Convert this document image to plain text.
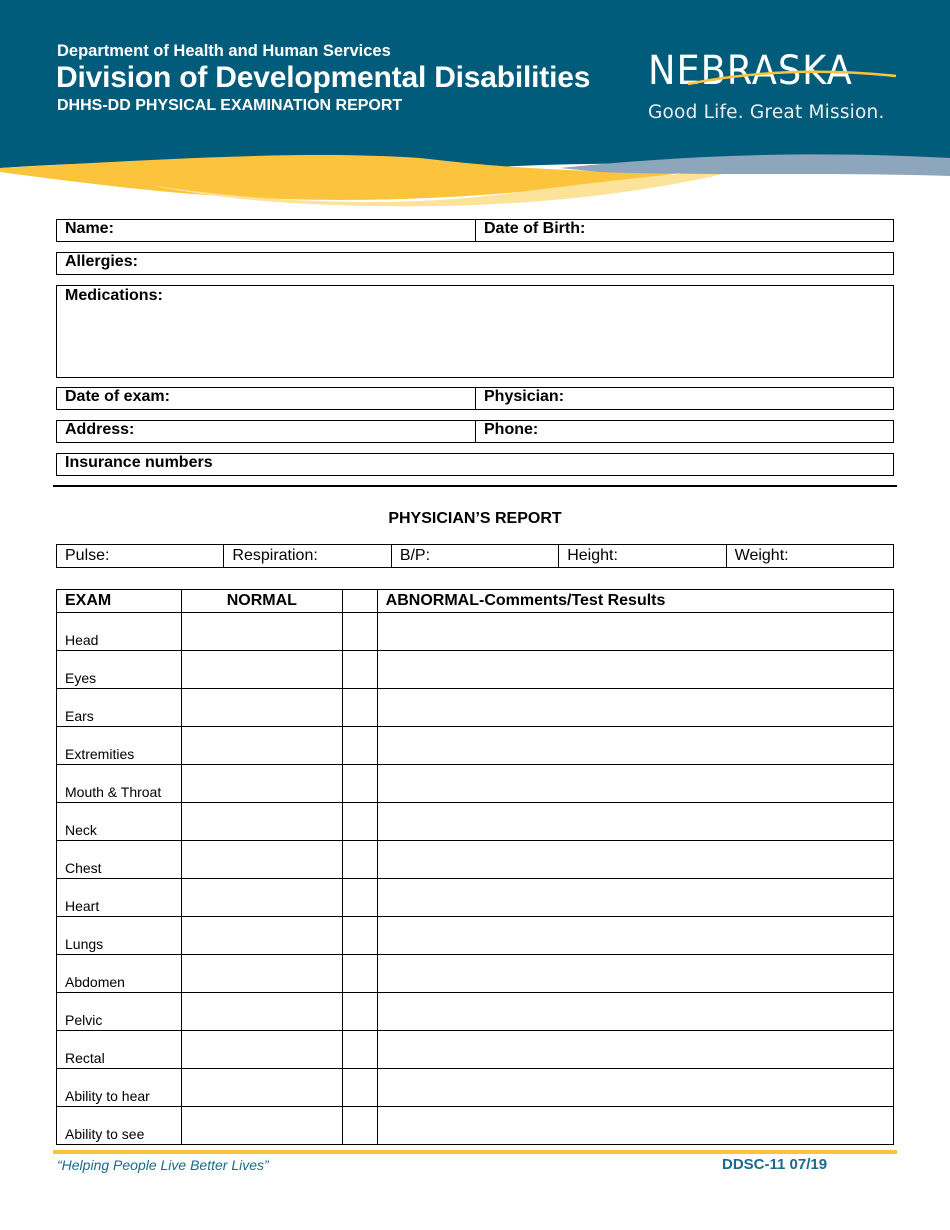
Department of Health and Human Services
Division of Developmental Disabilities
DHHS-DD PHYSICAL EXAMINATION REPORT
NEBRASKA
Good Life. Great Mission.
Name:	Date of Birth:
Allergies:
Medications:
Date of exam:	Physician:
Address:	Phone:
Insurance numbers
PHYSICIAN’S REPORT
Pulse:	Respiration:	B/P:	Height:	Weight:
EXAM	NORMAL		ABNORMAL-Comments/Test Results
Head			
Eyes			
Ears			
Extremities			
Mouth & Throat			
Neck			
Chest			
Heart			
Lungs			
Abdomen			
Pelvic			
Rectal			
Ability to hear			
Ability to see			
“Helping People Live Better Lives”	DDSC-11 07/19
